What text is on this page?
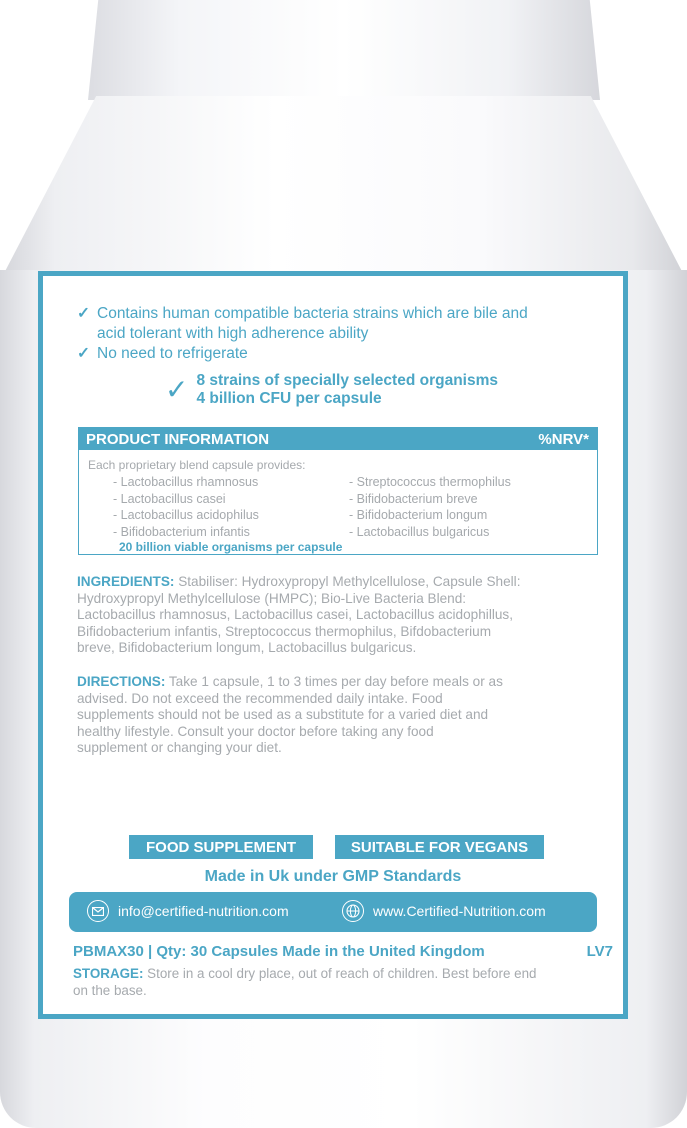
✓ Contains human compatible bacteria strains which are bile and
acid tolerant with high adherence ability
✓ No need to refrigerate
✓ 8 strains of specially selected organisms
4 billion CFU per capsule
PRODUCT INFORMATION	%NRV*
Each proprietary blend capsule provides:
- Lactobacillus rhamnosus
- Lactobacillus casei
- Lactobacillus acidophilus
- Bifidobacterium infantis
- Streptococcus thermophilus
- Bifidobacterium breve
- Bifidobacterium longum
- Lactobacillus bulgaricus
20 billion viable organisms per capsule
INGREDIENTS: Stabiliser: Hydroxypropyl Methylcellulose, Capsule Shell:
Hydroxypropyl Methylcellulose (HMPC); Bio-Live Bacteria Blend:
Lactobacillus rhamnosus, Lactobacillus casei, Lactobacillus acidophillus,
Bifidobacterium infantis, Streptococcus thermophilus, Bifdobacterium
breve, Bifidobacterium longum, Lactobacillus bulgaricus.
DIRECTIONS: Take 1 capsule, 1 to 3 times per day before meals or as
advised. Do not exceed the recommended daily intake. Food
supplements should not be used as a substitute for a varied diet and
healthy lifestyle. Consult your doctor before taking any food
supplement or changing your diet.
FOOD SUPPLEMENT	SUITABLE FOR VEGANS
Made in Uk under GMP Standards
info@certified-nutrition.com	www.Certified-Nutrition.com
PBMAX30 | Qty: 30 Capsules Made in the United Kingdom	LV7
STORAGE: Store in a cool dry place, out of reach of children. Best before end
on the base.
